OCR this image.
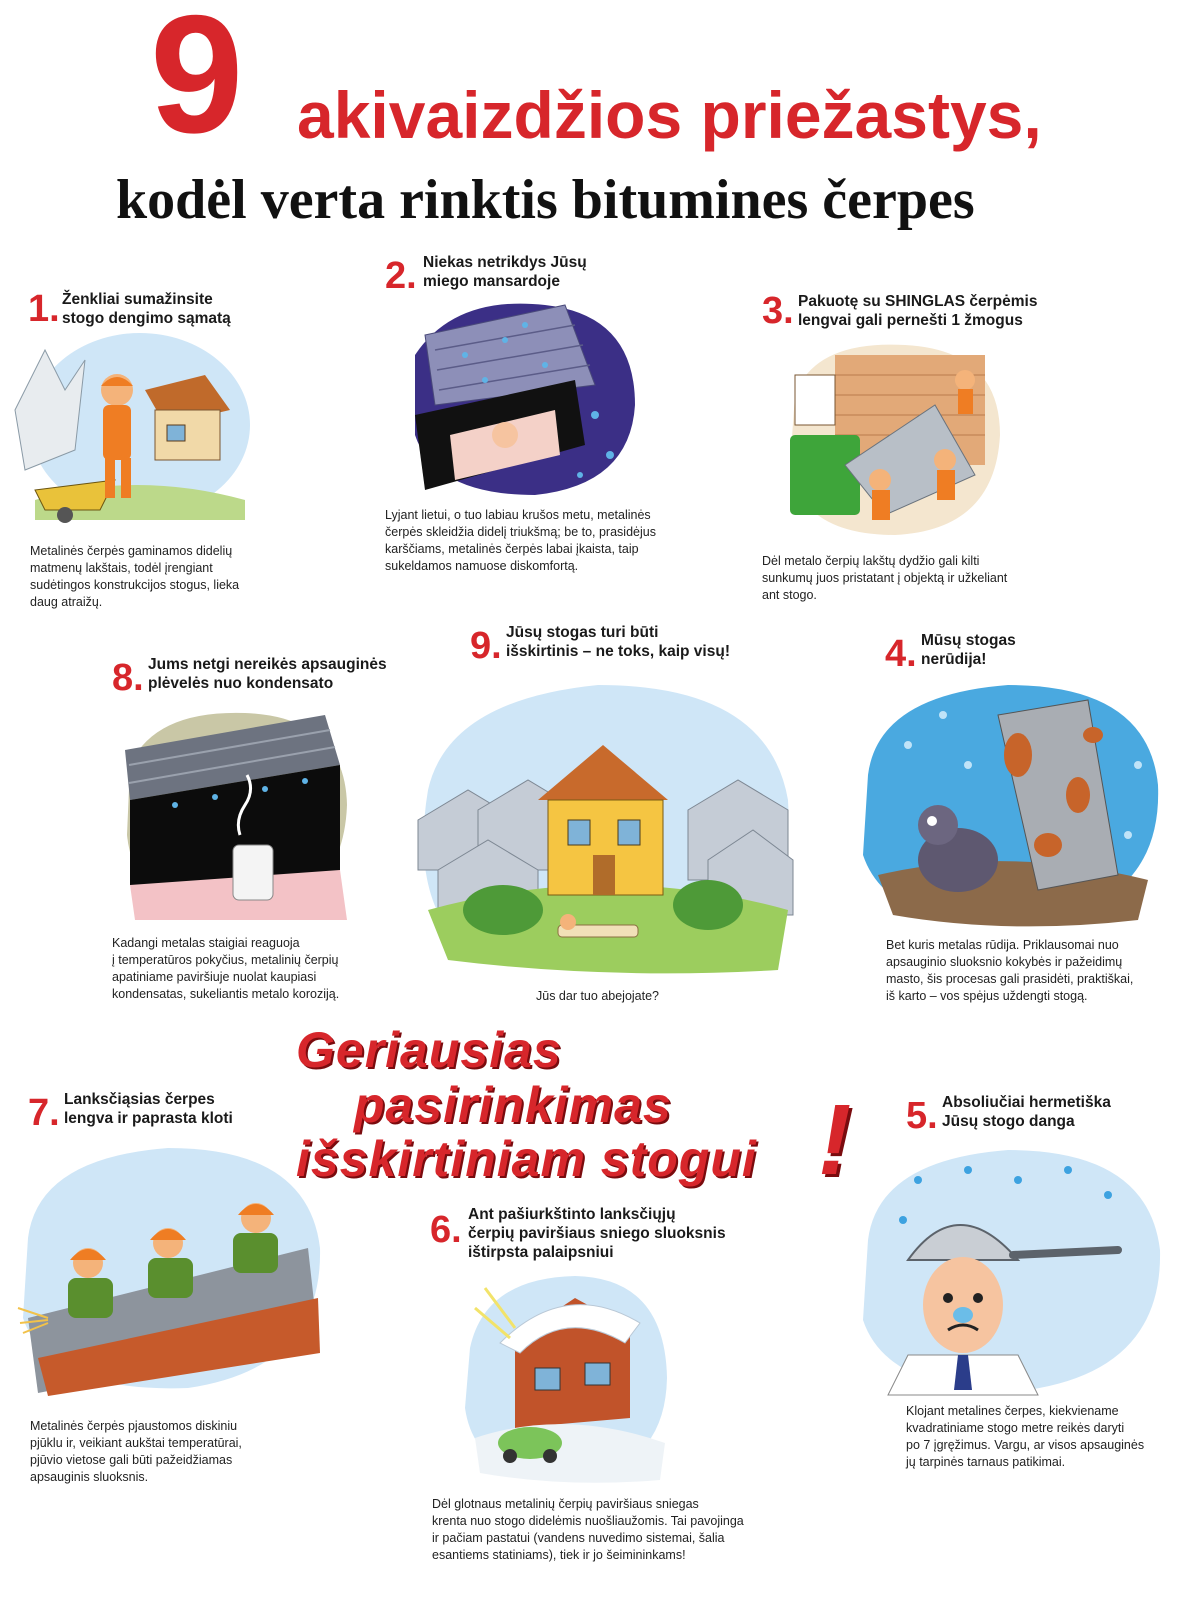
9 akivaizdžios priežastys,
kodėl verta rinktis bitumines čerpes
1. Ženkliai sumažinsite
stogo dengimo sąmatą
Metalinės čerpės gaminamos didelių
matmenų lakštais, todėl įrengiant
sudėtingos konstrukcijos stogus, lieka
daug atraižų.
2. Niekas netrikdys Jūsų
miego mansardoje
Lyjant lietui, o tuo labiau krušos metu, metalinės
čerpės skleidžia didelį triukšmą; be to, prasidėjus
karščiams, metalinės čerpės labai įkaista, taip
sukeldamos namuose diskomfortą.
3. Pakuotę su SHINGLAS čerpėmis
lengvai gali pernešti 1 žmogus
Dėl metalo čerpių lakštų dydžio gali kilti
sunkumų juos pristatant į objektą ir užkeliant
ant stogo.
8. Jums netgi nereikės apsauginės
plėvelės nuo kondensato
Kadangi metalas staigiai reaguoja
į temperatūros pokyčius, metalinių čerpių
apatiniame paviršiuje nuolat kaupiasi
kondensatas, sukeliantis metalo koroziją.
9. Jūsų stogas turi būti
išskirtinis – ne toks, kaip visų!
Jūs dar tuo abejojate?
4. Mūsų stogas
nerūdija!
Bet kuris metalas rūdija. Priklausomai nuo
apsauginio sluoksnio kokybės ir pažeidimų
masto, šis procesas gali prasidėti, praktiškai,
iš karto – vos spėjus uždengti stogą.
Geriausias
pasirinkimas
išskirtiniam stogui !
7. Lanksčiąsias čerpes
lengva ir paprasta kloti
Metalinės čerpės pjaustomos diskiniu
pjūklu ir, veikiant aukštai temperatūrai,
pjūvio vietose gali būti pažeidžiamas
apsauginis sluoksnis.
6. Ant pašiurkštinto lanksčiųjų
čerpių paviršiaus sniego sluoksnis
ištirpsta palaipsniui
Dėl glotnaus metalinių čerpių paviršiaus sniegas
krenta nuo stogo didelėmis nuošliaužomis. Tai pavojinga
ir pačiam pastatui (vandens nuvedimo sistemai, šalia
esantiems statiniams), tiek ir jo šeimininkams!
5. Absoliučiai hermetiška
Jūsų stogo danga
Klojant metalines čerpes, kiekviename
kvadratiniame stogo metre reikės daryti
po 7 įgręžimus. Vargu, ar visos apsauginės
jų tarpinės tarnaus patikimai.
